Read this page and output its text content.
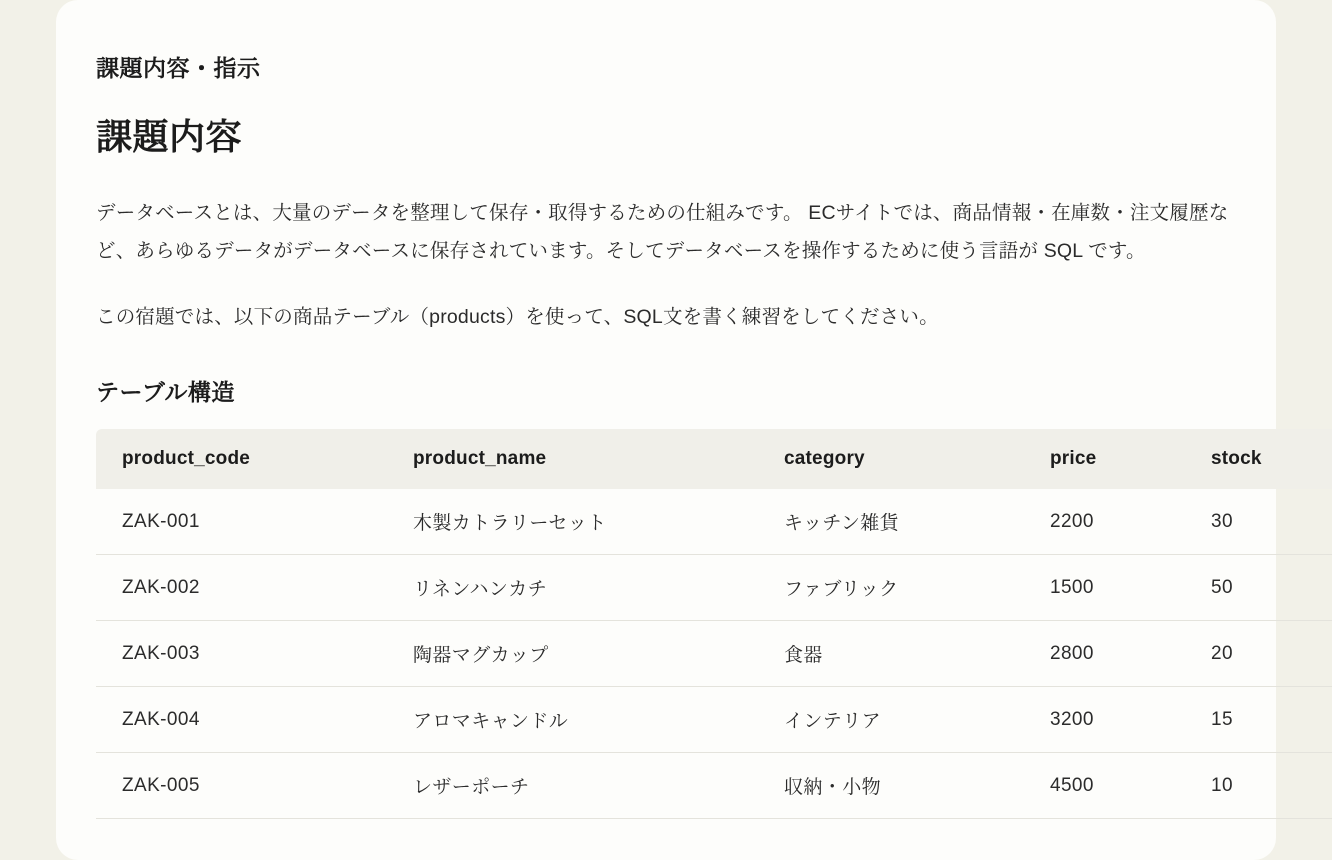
課題内容・指示
課題内容

データベースとは、大量のデータを整理して保存・取得するための仕組みです。 ECサイトでは、商品情報・在庫数・注文履歴など、あらゆるデータがデータベースに保存されています。そしてデータベースを操作するために使う言語が SQL です。

この宿題では、以下の商品テーブル（products）を使って、SQL文を書く練習をしてください。

テーブル構造
product_code	product_name	category	price	stock
ZAK-001	木製カトラリーセット	キッチン雑貨	2200	30
ZAK-002	リネンハンカチ	ファブリック	1500	50
ZAK-003	陶器マグカップ	食器	2800	20
ZAK-004	アロマキャンドル	インテリア	3200	15
ZAK-005	レザーポーチ	収納・小物	4500	10
